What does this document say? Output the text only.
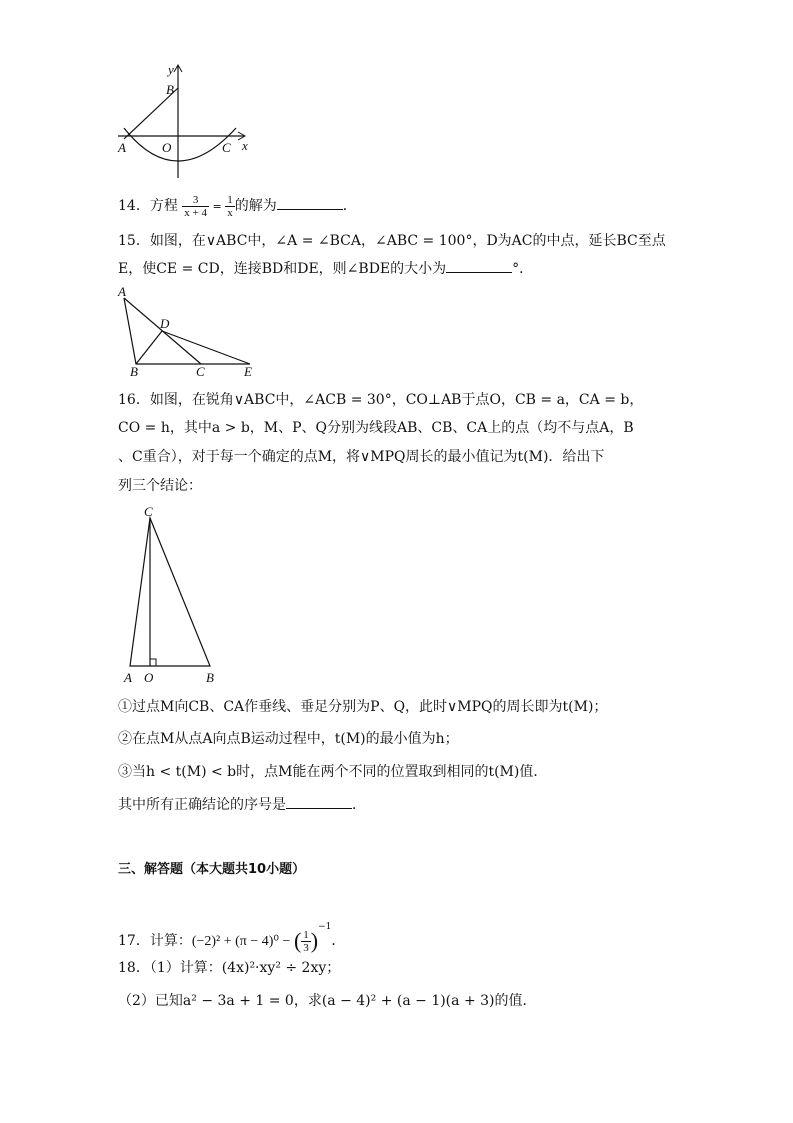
y
B
A	O	C x
14．方程 $\frac{3}{x + 4} = \frac{1}{x}$ 的解为	．
15．如图，在∨ABC中，∠A = ∠BCA，∠ABC = 100°，D为AC的中点，延长BC至点
E，使CE = CD，连接BD和DE，则∠BDE的大小为	°．
A
D
B	C	E
16．如图，在锐角∨ABC中，∠ACB = 30°，CO⊥AB于点O，CB = a，CA = b，
CO = h，其中a > b，M、P、Q分别为线段AB、CB、CA上的点（均不与点A，B
、C重合），对于每一个确定的点M，将∨MPQ周长的最小值记为t(M)．给出下
列三个结论：
C
A O	B
①过点M向CB、CA作垂线、垂足分别为P、Q，此时∨MPQ的周长即为t(M)；
②在点M从点A向点B运动过程中，t(M)的最小值为h；
③当h < t(M) < b时，点M能在两个不同的位置取到相同的t(M)值．
其中所有正确结论的序号是	．
三、解答题（本大题共10小题）
17．计算：(−2)² + (π − 4)⁰ − ( $\frac{1}{3} )^{-1}$．
18．（1）计算：(4x)²·xy² ÷ 2xy；
（2）已知a² − 3a + 1 = 0，求(a − 4)² + (a − 1)(a + 3)的值．
